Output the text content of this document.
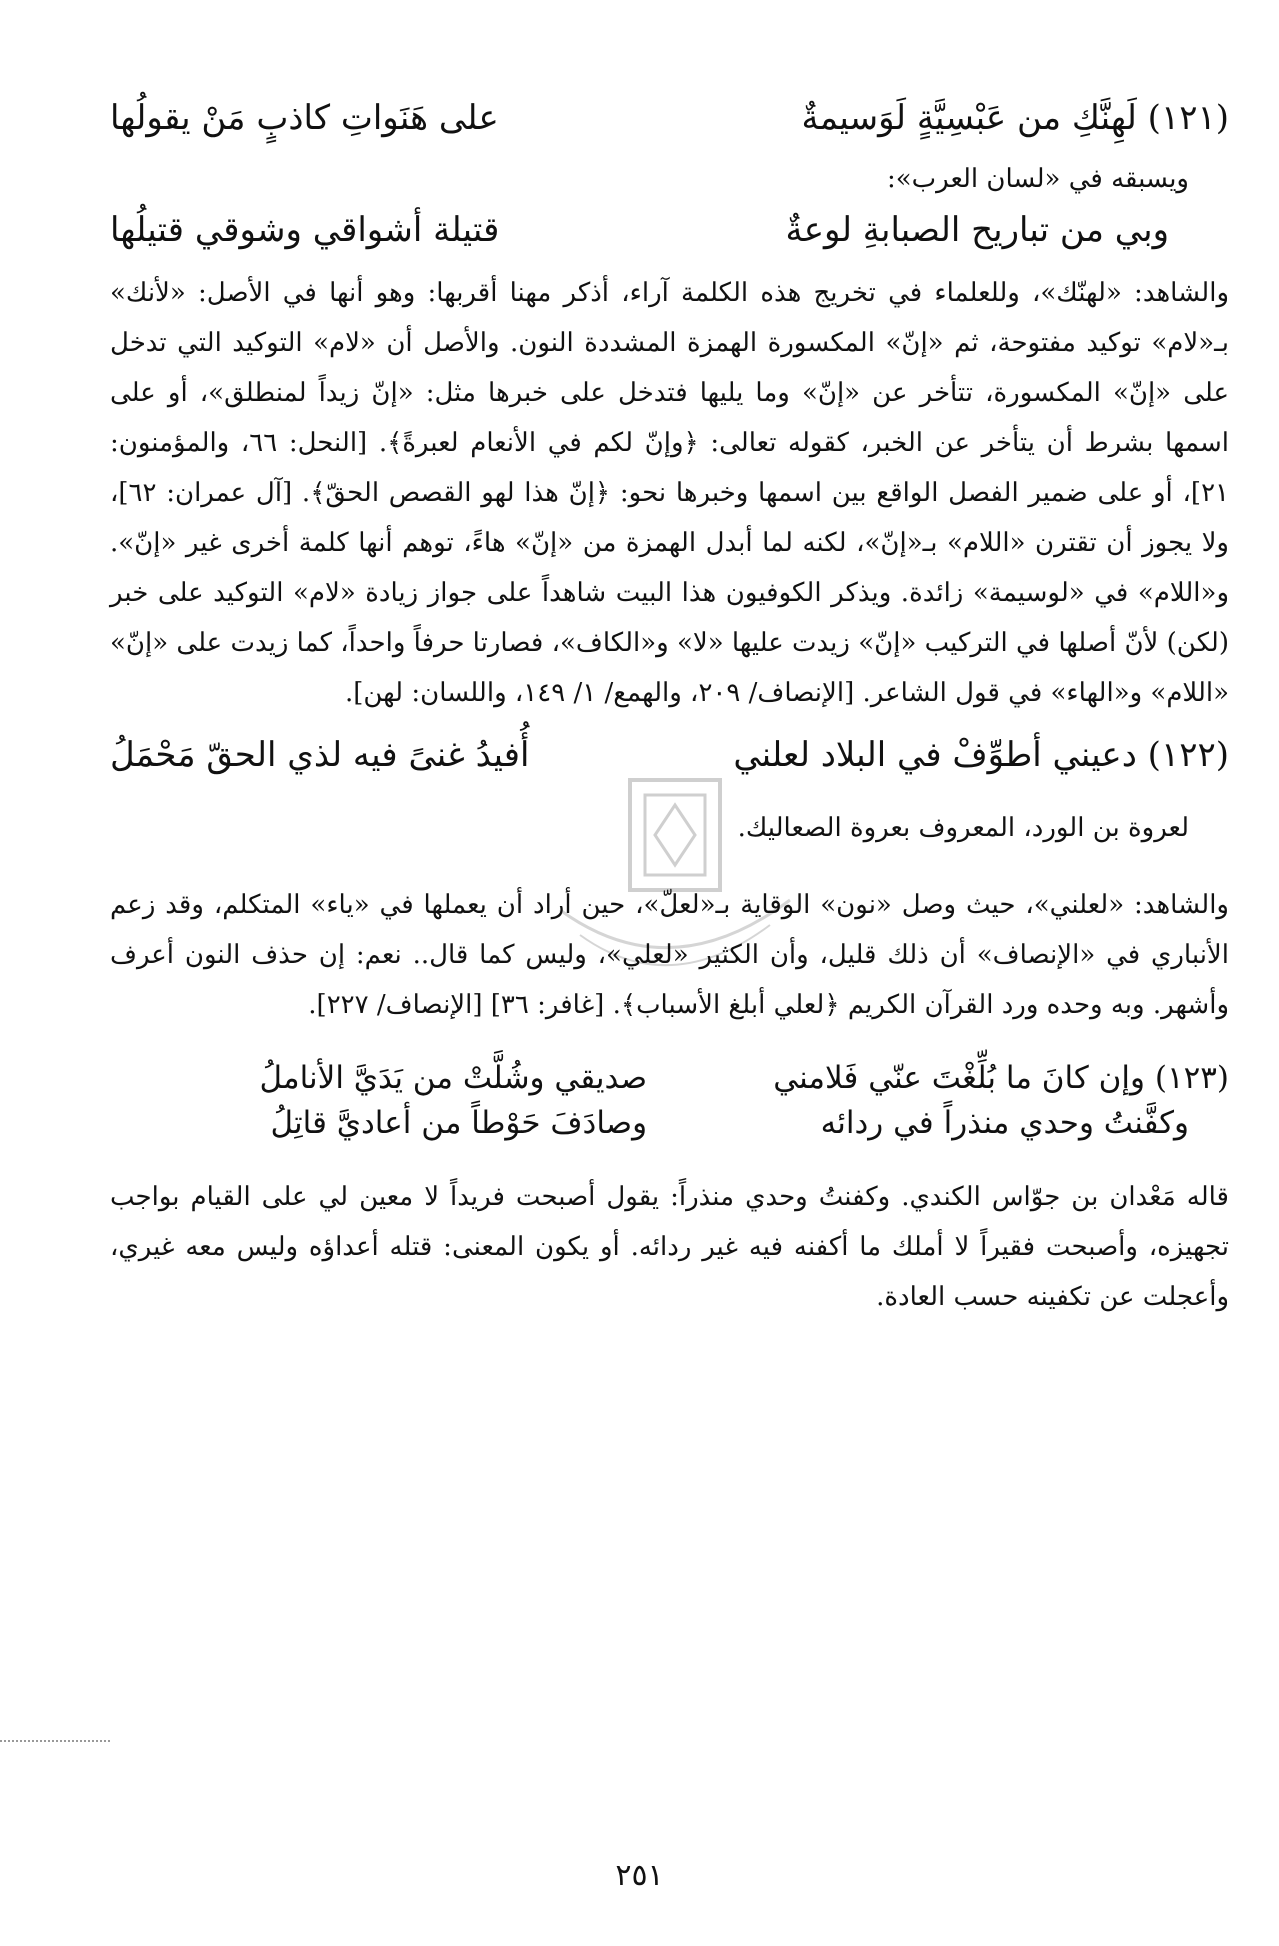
(١٢١) لَهِنَّكِ من عَبْسِيَّةٍ لَوَسيمةٌ
على هَنَواتِ كاذبٍ مَنْ يقولُها

ويسبقه في «لسان العرب»:

وبي من تباريح الصبابةِ لوعةٌ
قتيلة أشواقي وشوقي قتيلُها

والشاهد: «لهنّك»، وللعلماء في تخريج هذه الكلمة آراء، أذكر مهنا أقربها: وهو أنها في الأصل: «لأنك» بـ«لام» توكيد مفتوحة، ثم «إنّ» المكسورة الهمزة المشددة النون. والأصل أن «لام» التوكيد التي تدخل على «إنّ» المكسورة، تتأخر عن «إنّ» وما يليها فتدخل على خبرها مثل: «إنّ زيداً لمنطلق»، أو على اسمها بشرط أن يتأخر عن الخبر، كقوله تعالى: ﴿وإنّ لكم في الأنعام لعبرةً﴾. [النحل: ٦٦، والمؤمنون: ٢١]، أو على ضمير الفصل الواقع بين اسمها وخبرها نحو: ﴿إنّ هذا لهو القصص الحقّ﴾. [آل عمران: ٦٢]، ولا يجوز أن تقترن «اللام» بـ«إنّ»، لكنه لما أبدل الهمزة من «إنّ» هاءً، توهم أنها كلمة أخرى غير «إنّ». و«اللام» في «لوسيمة» زائدة. ويذكر الكوفيون هذا البيت شاهداً على جواز زيادة «لام» التوكيد على خبر (لكن) لأنّ أصلها في التركيب «إنّ» زيدت عليها «لا» و«الكاف»، فصارتا حرفاً واحداً، كما زيدت على «إنّ» «اللام» و«الهاء» في قول الشاعر. [الإنصاف/ ٢٠٩، والهمع/ ١/ ١٤٩، واللسان: لهن].

(١٢٢) دعيني أطوِّفْ في البلاد لعلني
أُفيدُ غنىً فيه لذي الحقّ مَحْمَلُ

لعروة بن الورد، المعروف بعروة الصعاليك.

والشاهد: «لعلني»، حيث وصل «نون» الوقاية بـ«لعلّ»، حين أراد أن يعملها في «ياء» المتكلم، وقد زعم الأنباري في «الإنصاف» أن ذلك قليل، وأن الكثير «لعلي»، وليس كما قال.. نعم: إن حذف النون أعرف وأشهر. وبه وحده ورد القرآن الكريم ﴿لعلي أبلغ الأسباب﴾. [غافر: ٣٦] [الإنصاف/ ٢٢٧].

(١٢٣) وإن كانَ ما بُلِّغْتَ عنّي فَلامني
صديقي وشُلَّتْ من يَدَيَّ الأناملُ
وكفَّنتُ وحدي منذراً في ردائه
وصادَفَ حَوْطاً من أعاديَّ قاتِلُ

قاله مَعْدان بن جوّاس الكندي. وكفنتُ وحدي منذراً: يقول أصبحت فريداً لا معين لي على القيام بواجب تجهيزه، وأصبحت فقيراً لا أملك ما أكفنه فيه غير ردائه. أو يكون المعنى: قتله أعداؤه وليس معه غيري، وأعجلت عن تكفينه حسب العادة.

٢٥١
